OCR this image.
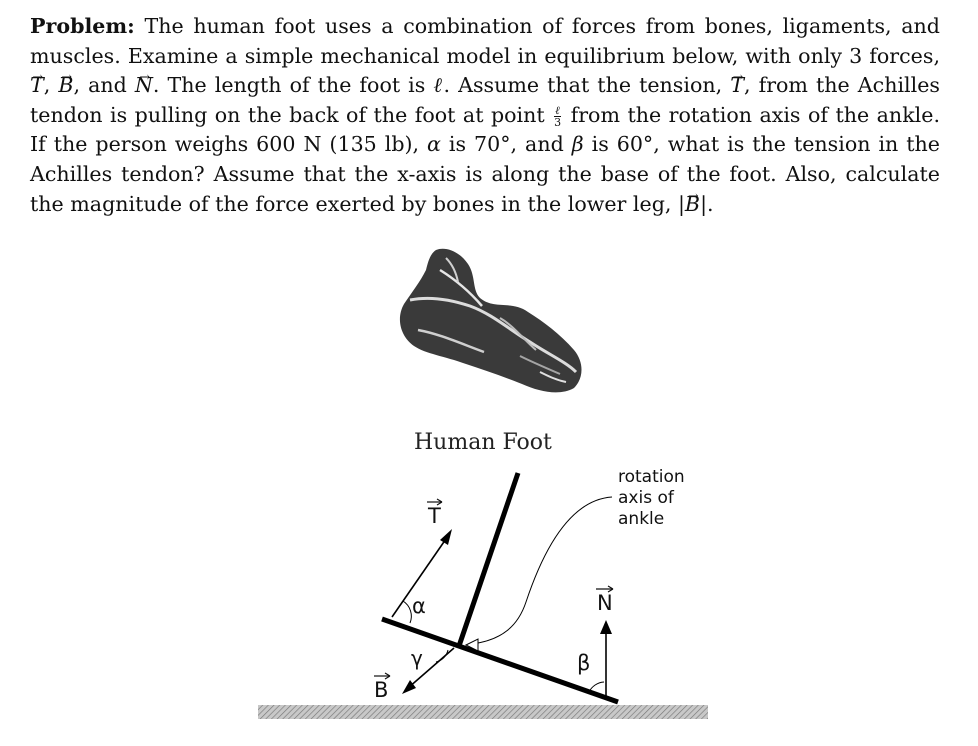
Problem: The human foot uses a combination of forces from bones, ligaments, and muscles. Examine a simple mechanical model in equilibrium below, with only 3 forces, → T, → B, and → N. The length of the foot is ℓ. Assume that the tension, → T, from the Achilles tendon is pulling on the back of the foot at point $\frac{\text{ℓ}}{3}$ from the rotation axis of the ankle. If the person weighs 600 N (135 lb), α is 70°, and β is 60°, what is the tension in the Achilles tendon? Assume that the x-axis is along the base of the foot. Also, calculate the magnitude of the force exerted by bones in the lower leg, |→ B|.
T
N
B
α
γ	β
rotation
axis of
ankle
Human Foot
